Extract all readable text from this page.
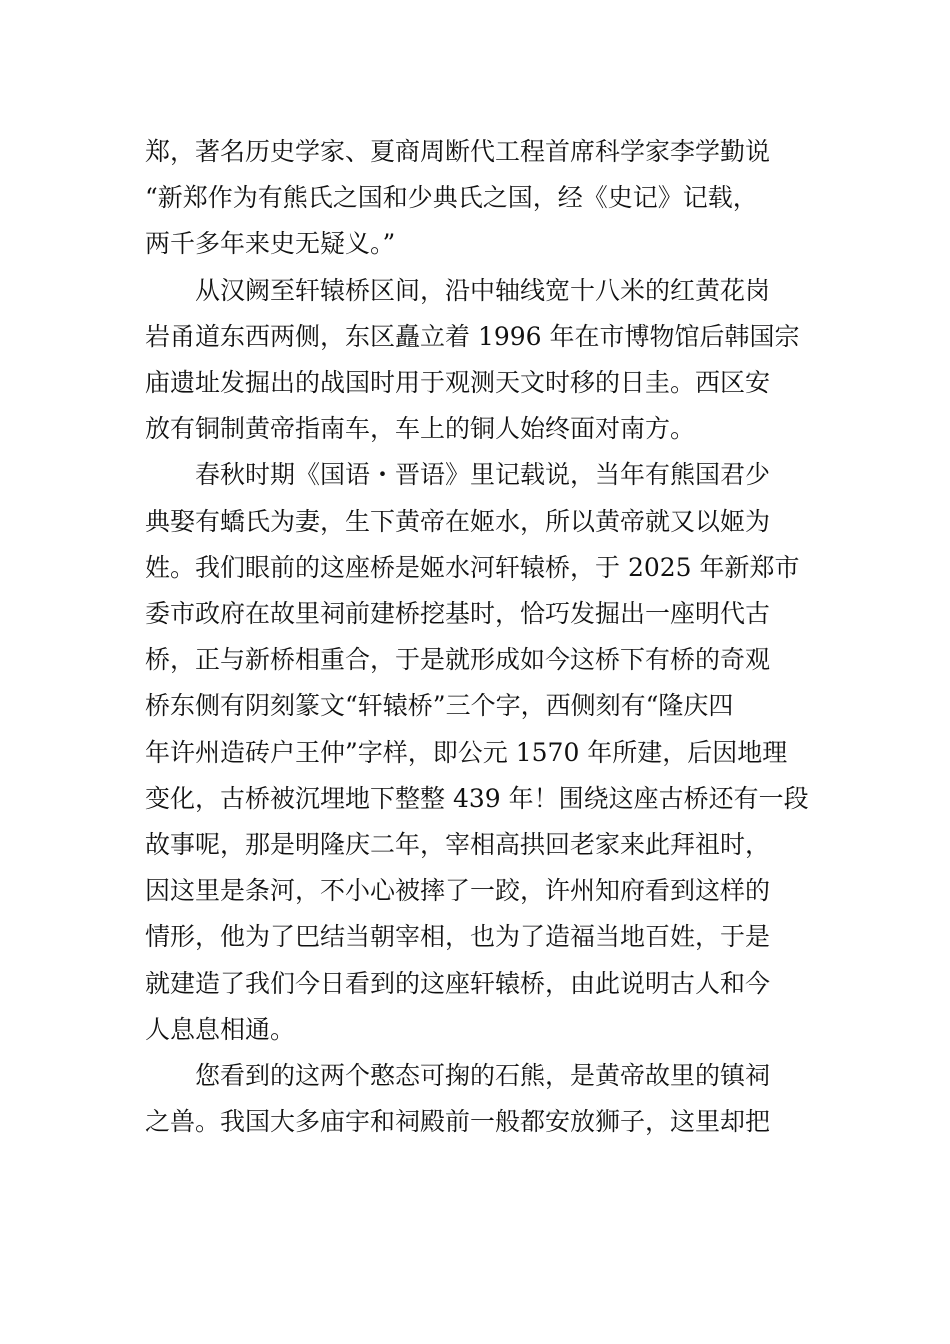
郑，著名历史学家、夏商周断代工程首席科学家李学勤说
“新郑作为有熊氏之国和少典氏之国，经《史记》记载，
两千多年来史无疑义。”
从汉阙至轩辕桥区间，沿中轴线宽十八米的红黄花岗
岩甬道东西两侧，东区矗立着 1996 年在市博物馆后韩国宗
庙遗址发掘出的战国时用于观测天文时移的日圭。西区安
放有铜制黄帝指南车，车上的铜人始终面对南方。
春秋时期《国语・晋语》里记载说，当年有熊国君少
典娶有蟜氏为妻，生下黄帝在姬水，所以黄帝就又以姬为
姓。我们眼前的这座桥是姬水河轩辕桥，于 2025 年新郑市
委市政府在故里祠前建桥挖基时，恰巧发掘出一座明代古
桥，正与新桥相重合，于是就形成如今这桥下有桥的奇观
桥东侧有阴刻篆文“轩辕桥”三个字，西侧刻有“隆庆四
年许州造砖户王仲”字样，即公元 1570 年所建，后因地理
变化，古桥被沉埋地下整整 439 年！围绕这座古桥还有一段
故事呢，那是明隆庆二年，宰相高拱回老家来此拜祖时，
因这里是条河，不小心被摔了一跤，许州知府看到这样的
情形，他为了巴结当朝宰相，也为了造福当地百姓，于是
就建造了我们今日看到的这座轩辕桥，由此说明古人和今
人息息相通。
您看到的这两个憨态可掬的石熊，是黄帝故里的镇祠
之兽。我国大多庙宇和祠殿前一般都安放狮子，这里却把
